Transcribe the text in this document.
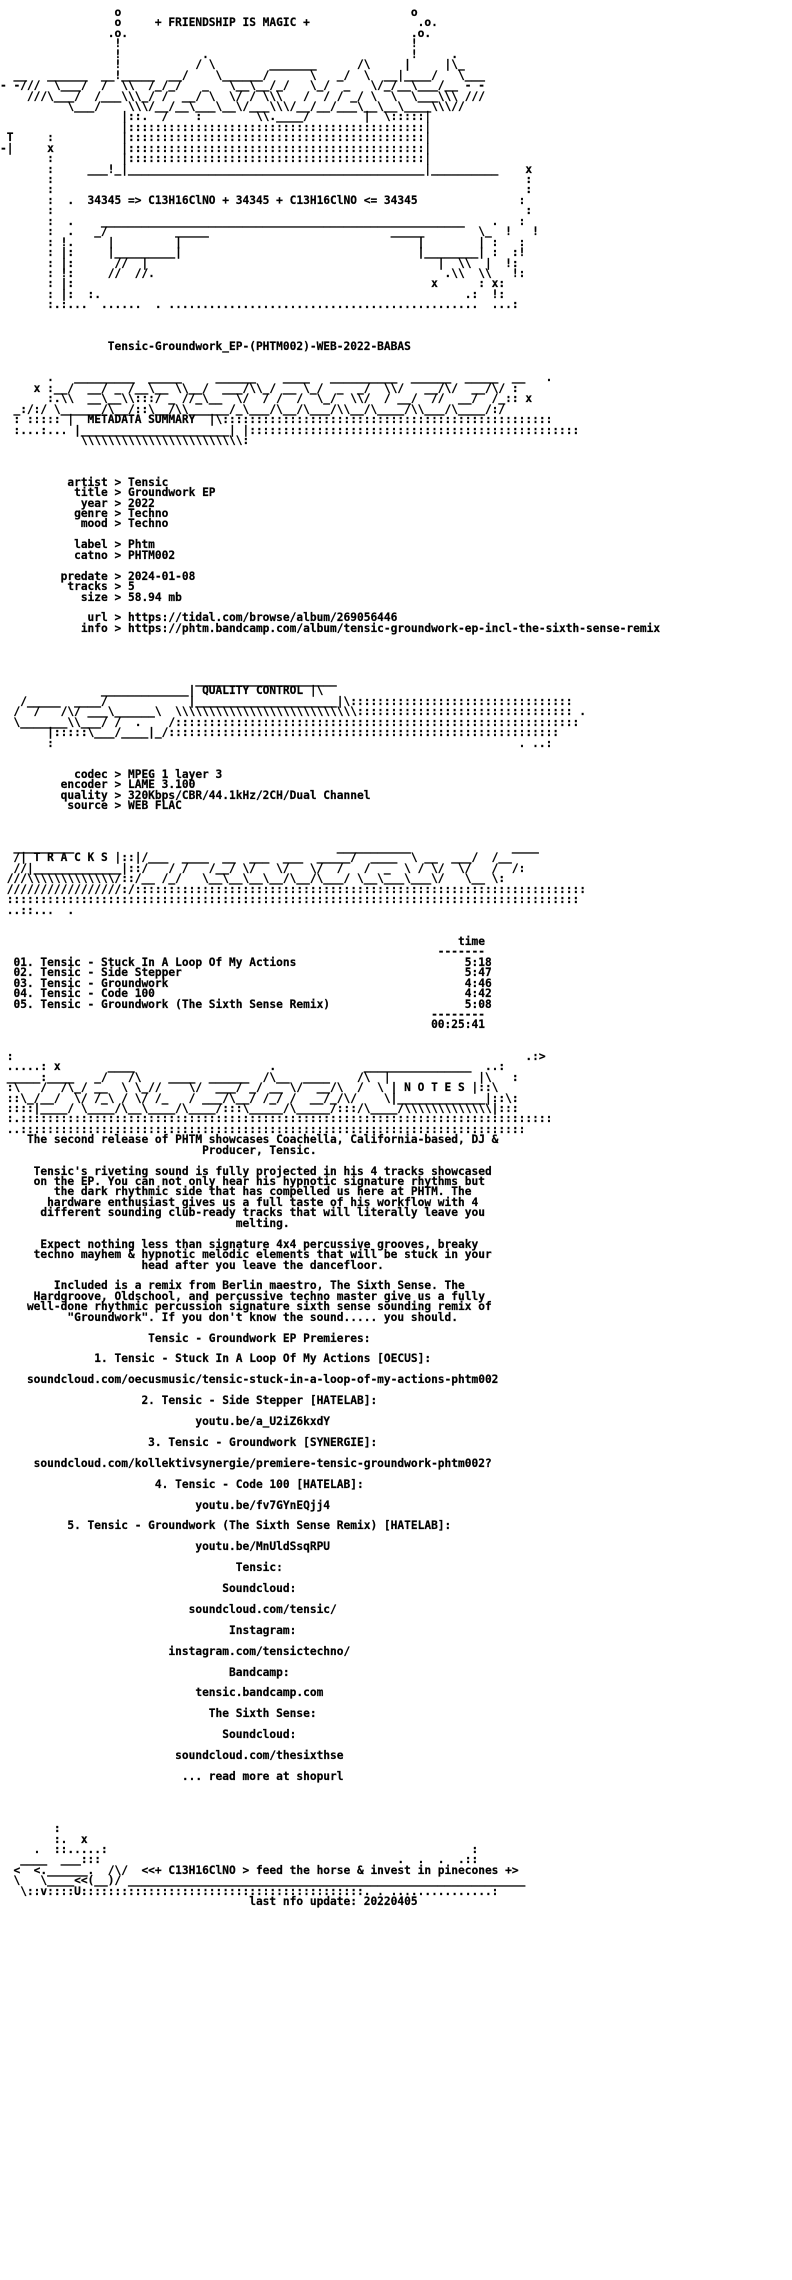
o                                           o
o     + FRIENDSHIP IS MAGIC +                .o.
.o.                                          .o.
!                                           !
!            .                              !     .
!           / \        _______      /\     |     |\_
__   ______  __!_____  __/    \______/      \   _/  \  __|____/   \___
- -///  \___/  /  \\  /_/_/   _   \__\__/_/   \_/  _   \/_/__\___/__ - -
///\___/  /___\\\_/ /  __/ \  \/ / \\\   /  / / _/ \  \  \___\\\ ///
\___/    \\\/__/__\___\__\/___\\\/__/__/___\__\__\____\\\//
|::.  /    :        \\.____/        |  \:::::|
|::::::::::::::::::::::::::::::::::::::::::::|
T     :          |::::::::::::::::::::::::::::::::::::::::::::|
-|     x          |::::::::::::::::::::::::::::::::::::::::::::|
:          |::::::::::::::::::::::::::::::::::::::::::::|
:     ___!_|____________________________________________|__________    x
:                                                                      :
:                                                                      :
:  .  34345 => C13H16ClNO + 34345 + C13H16ClNO <= 34345               :
:                                                                      :
:  .    ______________________________________________________    .   :
:  .   _/          _____                           _____        \_  !   !
: !.     |         |                                   |        | :   :
: |:     |_________|                                   |________| :  :!
: |:      //  |                                           |  \\  |  !:
: !:     //  //.                                           .\\  \\   !:
: |:                                                     x      : x:
: |:  :.                                                      .:  !:
:.:...  ......  . ..............................................  ...:
Tensic-Groundwork_EP-(PHTM002)-WEB-2022-BABAS
.   _________  _____     ______    ____   __________  ______  _____  __   .
x :__/  __/ _ /__\__ \\__/  ___/\\_/ __ \_/  _  _/  \\/   __/\/  __/\/ :
:.\\  __\__\\:::/ _ //_\__  \/  / /  /  \_/  \\/  / __/  //  __/  /_:: x
_:/:/ \______/\__/::\__/\\______/_\___/\__/\___/\\__/\____/\\___/\____/:/
: ::::: |  METADATA SUMMARY  |\:::::::::::::::::::::::::::::::::::::::::::::::::
:...:... |______________________| |:::::::::::::::::::::::::::::::::::::::::::::::::
\\\\\\\\\\\\\\\\\\\\\\\\:
artist > Tensic
title > Groundwork EP
year > 2022
genre > Techno
mood > Techno
label > Phtm
catno > PHTM002
predate > 2024-01-08
tracks > 5
size > 58.94 mb
url > https://tidal.com/browse/album/269056446
info > https://phtm.bandcamp.com/album/tensic-groundwork-ep-incl-the-sixth-sense-remix
_____________________
_____________| QUALITY CONTROL |\
/_____  ____/            |_____________________|\:::::::::::::::::::::::::::::::::
/  /   /\/ ___\______\  \\\\\\\\\\\\\\\\\\\\\\\\\\\:::::::::::::::::::::::::::::::: .
\_______\\___/ /  .    /::::::::::::::::::::::::::::::::::::::::::::::::::::::::::::
|:::::\___/____|_/::::::::::::::::::::::::::::::::::::::::::::::::::::::::::
:                                                                     . ..:
codec > MPEG 1 layer 3
encoder > LAME 3.100
quality > 320Kbps/CBR/44.1kHz/2CH/Dual Channel
source > WEB FLAC
_________                                       ___________               ____
/| T R A C K S |::|/___  ____  __  ___  ___  _____/  ____  \ __  ___/  /__
//|_____________|::/   / /   /__/ \/   \/   \/  /   /  _  \ / \/  \/   /  /:
///\\\\\\\\\\\\\/::/__ /_/   \__\__\__\__/\__/\___/ \__\___\___\/   \__ \:
/////////////////:/:::::::::::::::::::::::::::::::::::::::::::::::::::::::::::::::::::
:::::::::::::::::::::::::::::::::::::::::::::::::::::::::::::::::::::::::::::::::::::
..::...  .
time
-------
01. Tensic - Stuck In A Loop Of My Actions                         5:18
02. Tensic - Side Stepper                                          5:47
03. Tensic - Groundwork                                            4:46
04. Tensic - Code 100                                              4:42
05. Tensic - Groundwork (The Sixth Sense Remix)                    5:08
--------
00:25:41
:                                                                            .:>
.....: x       ____                    .             ________________  ..:
_____:____   _/   /\    ____  ______  /\__  ____    /\  |             |\   :
:\   /  /\_/ __  \ \_//    \/  ___/ _/ __ \/  __/\  /  \ | N O T E S |::\
::\_/__/  \/ /_\ / \/ /_   / ___/\__/ /_/ /  __/_/\/    \|_____________|::\:
::::|____/ \____/\__\____/\____/:::\_____/\_____/:::/\____/\\\\\\\\\\\\\|:::
:.:::::::::::::::::::::::::::::::::::::::::::::::::::::::::::::::::::::::::::::::
..:::::::::::::::::::::::::::::::::::::::::::::::::::::::::::::::::::::::::::
The second release of PHTM showcases Coachella, California-based, DJ &
Producer, Tensic.

Tensic's riveting sound is fully projected in his 4 tracks showcased
on the EP. You can not only hear his hypnotic signature rhythms but
the dark rhythmic side that has compelled us here at PHTM. The
hardware enthusiast gives us a full taste of his workflow with 4
different sounding club-ready tracks that will literally leave you
melting.

Expect nothing less than signature 4x4 percussive grooves, breaky
techno mayhem & hypnotic melodic elements that will be stuck in your
head after you leave the dancefloor.

Included is a remix from Berlin maestro, The Sixth Sense. The
Hardgroove, Oldschool, and percussive techno master give us a fully
well-done rhythmic percussion signature sixth sense sounding remix of
"Groundwork". If you don't know the sound..... you should.

Tensic - Groundwork EP Premieres:

1. Tensic - Stuck In A Loop Of My Actions [OECUS]:

soundcloud.com/oecusmusic/tensic-stuck-in-a-loop-of-my-actions-phtm002

2. Tensic - Side Stepper [HATELAB]:

youtu.be/a_U2iZ6kxdY

3. Tensic - Groundwork [SYNERGIE]:

soundcloud.com/kollektivsynergie/premiere-tensic-groundwork-phtm002?

4. Tensic - Code 100 [HATELAB]:

youtu.be/fv7GYnEQjj4

5. Tensic - Groundwork (The Sixth Sense Remix) [HATELAB]:

youtu.be/MnUldSsqRPU

Tensic:

Soundcloud:

soundcloud.com/tensic/

Instagram:

instagram.com/tensictechno/

Bandcamp:

tensic.bandcamp.com

The Sixth Sense:

Soundcloud:

soundcloud.com/thesixthse

... read more at shopurl
:
:.  x
.  ::.....:                                                      :
____  ___:::                                            .  .  .  .::
<  <.______.  /\/  <<+ C13H16ClNO > feed the horse & invest in pinecones +>
\   \____<<(__)/ ___________________________________________________________
\::v::::U::::::::::::::::::::::::::::::::::::::::::. . ...............:
last nfo update: 20220405
